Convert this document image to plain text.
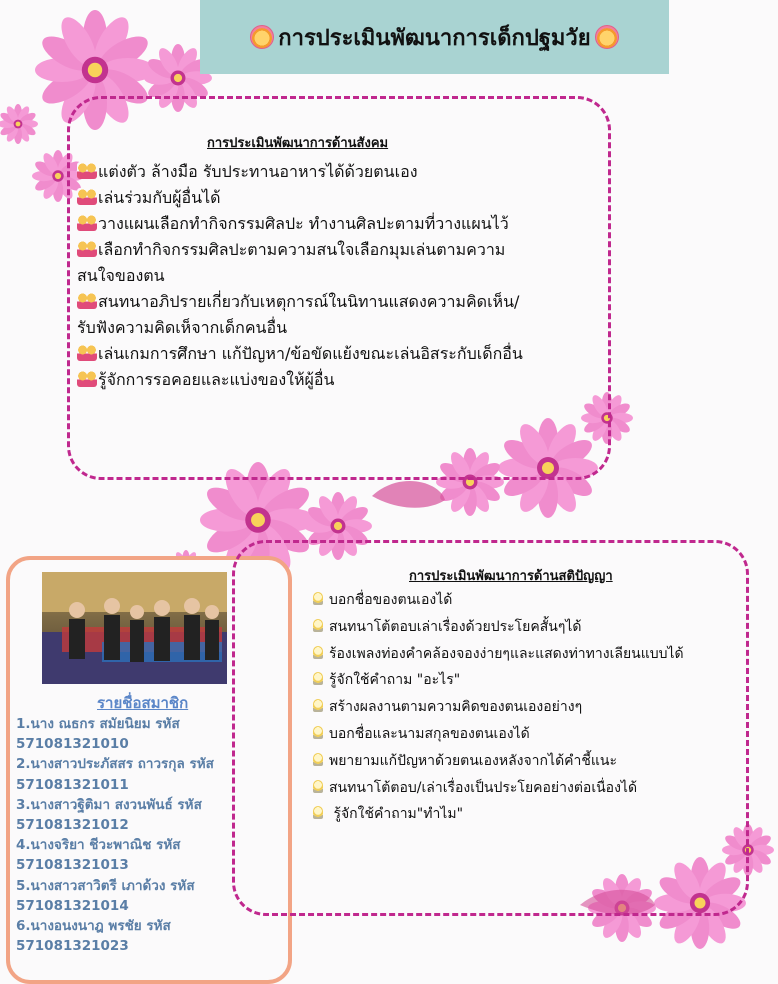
การประเมินพัฒนาการเด็กปฐมวัย
การประเมินพัฒนาการด้านสังคม
แต่งตัว ล้างมือ รับประทานอาหารได้ด้วยตนเอง
เล่นร่วมกับผู้อื่นได้
วางแผนเลือกทำกิจกรรมศิลปะ ทำงานศิลปะตามที่วางแผนไว้
เลือกทำกิจกรรมศิลปะตามความสนใจเลือกมุมเล่นตามความ
สนใจของตน
สนทนาอภิปรายเกี่ยวกับเหตุการณ์ในนิทานแสดงความคิดเห็น/
รับฟังความคิดเห็จากเด็กคนอื่น
เล่นเกมการศึกษา แก้ปัญหา/ข้อขัดแย้งขณะเล่นอิสระกับเด็กอื่น
รู้จักการรอคอยและแบ่งของให้ผู้อื่น
รายชื่อสมาชิก
1.นาง ณธกร สมัยนิยม รหัส
571081321010
2.นางสาวประภัสสร ถาวรกุล รหัส
571081321011
3.นางสาวฐิติมา สงวนพันธ์ รหัส
571081321012
4.นางจริยา ชีวะพาณิช รหัส
571081321013
5.นางสาวสาวิตรี เภาด้วง รหัส
571081321014
6.นางอนงนาฎ พรชัย รหัส
571081321023
การประเมินพัฒนาการด้านสติปัญญา
บอกชื่อของตนเองได้
สนทนาโต้ตอบเล่าเรื่องด้วยประโยคสั้นๆได้
ร้องเพลงท่องคำคล้องจองง่ายๆและแสดงท่าทางเลียนแบบได้
รู้จักใช้คำถาม "อะไร"
สร้างผลงานตามความคิดของตนเองอย่างๆ
บอกชื่อและนามสกุลของตนเองได้
พยายามแก้ปัญหาด้วยตนเองหลังจากได้คำชี้แนะ
สนทนาโต้ตอบ/เล่าเรื่องเป็นประโยคอย่างต่อเนื่องได้
รู้จักใช้คำถาม"ทำไม"
